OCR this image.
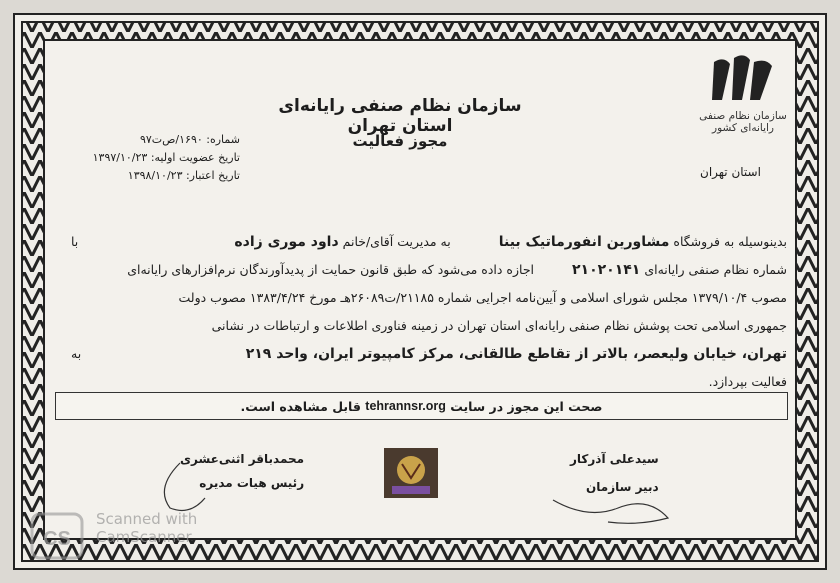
سازمان نظام صنفی رایانه‌ای کشور
استان تهران
سازمان نظام صنفی رایانه‌ای استان تهران
مجوز فعالیت
شماره: ۱۶۹۰/ص‌ت۹۷
تاریخ عضویت اولیه: ۱۳۹۷/۱۰/۲۳
تاریخ اعتبار: ۱۳۹۸/۱۰/۲۳
بدینوسیله به فروشگاه مشاورین انفورماتیک بینا  به مدیریت آقای/خانم داود موری زاده
با
شماره نظام صنفی رایانه‌ای ۲۱۰۲۰۱۴۱  اجازه داده می‌شود که طبق قانون حمایت از پدیدآورندگان نرم‌افزارهای رایانه‌ای
مصوب ۱۳۷۹/۱۰/۴ مجلس شورای اسلامی و آیین‌نامه اجرایی شماره ۲۱۱۸۵/ت۲۶۰۸۹هـ مورخ ۱۳۸۳/۴/۲۴ مصوب دولت
جمهوری اسلامی تحت پوشش نظام صنفی رایانه‌ای استان تهران در زمینه فناوری اطلاعات و ارتباطات در نشانی
تهران، خیابان ولیعصر، بالاتر از تقاطع طالقانی، مرکز کامپیوتر ایران، واحد ۲۱۹
به
فعالیت بپردازد.
صحت این مجوز در سایت

tehrannsr.org

قابل مشاهده است.
سیدعلی آذرکار
دبیر سازمان
محمدباقر اثنی‌عشری
رئیس هیات مدیره
CS
Scanned with
CamScanner
